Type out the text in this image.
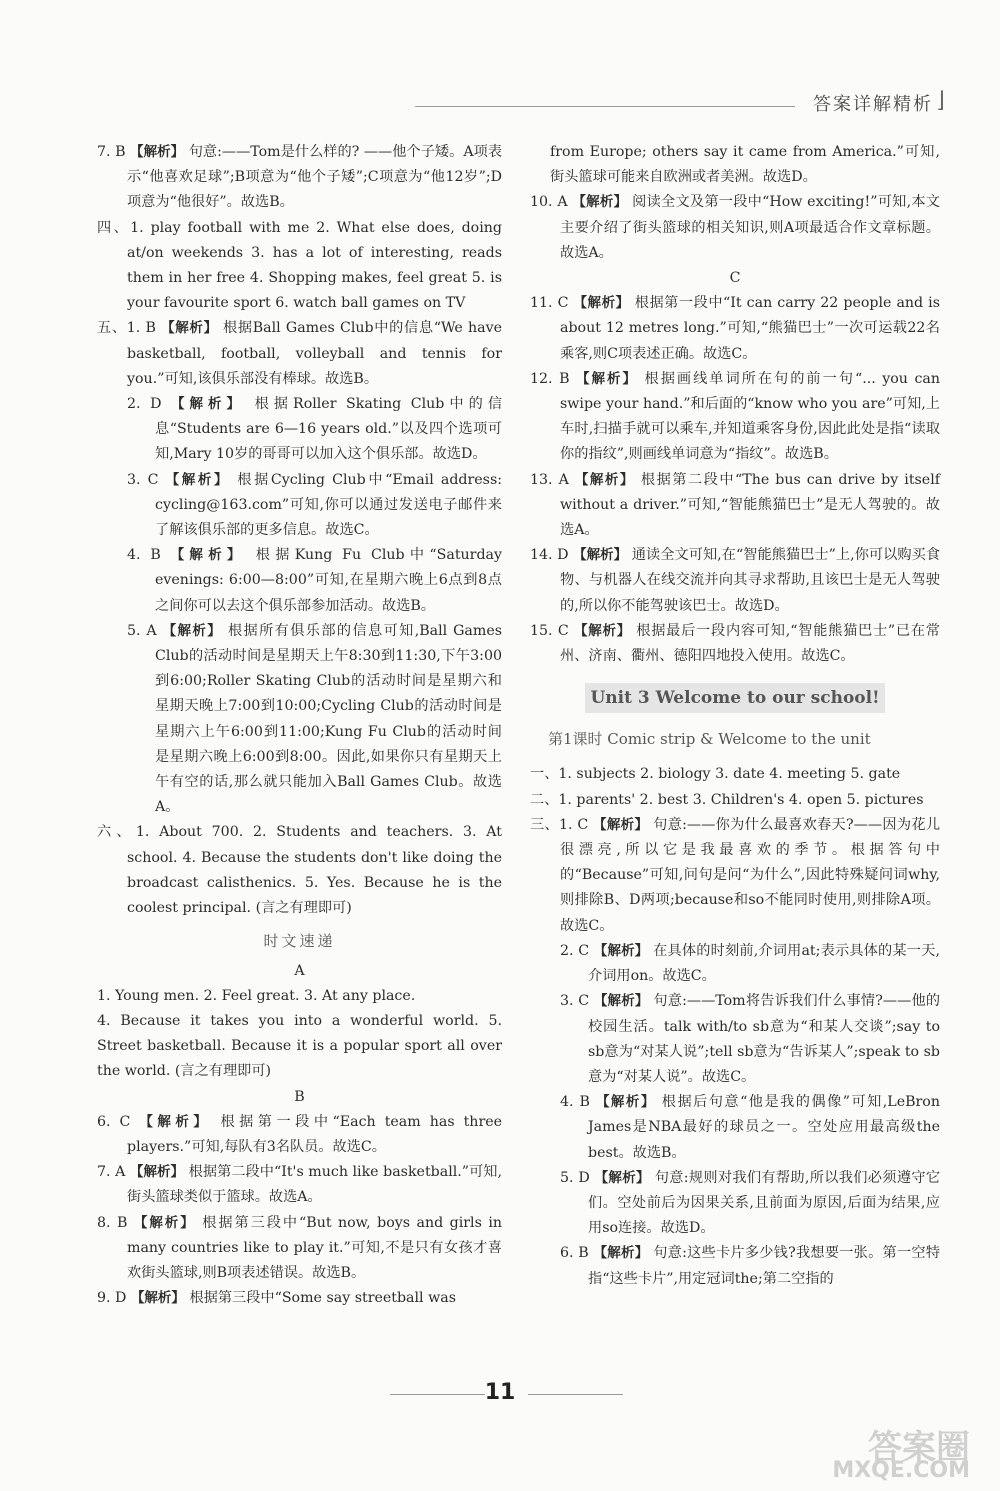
答案详解精析 ⌋

7. B 【解析】 句意:——Tom是什么样的? ——他个子矮。A项表示“他喜欢足球”;B项意为“他个子矮”;C项意为“他12岁”;D项意为“他很好”。故选B。

四、1. play football with me 2. What else does, doing at/on weekends 3. has a lot of interesting, reads them in her free 4. Shopping makes, feel great 5. is your favourite sport 6. watch ball games on TV

五、1. B 【解析】 根据Ball Games Club中的信息“We have basketball, football, volleyball and tennis for you.”可知,该俱乐部没有棒球。故选B。

2. D 【解析】 根据Roller Skating Club中的信息“Students are 6—16 years old.”以及四个选项可知,Mary 10岁的哥哥可以加入这个俱乐部。故选D。

3. C 【解析】 根据Cycling Club中“Email address: cycling@163.com”可知,你可以通过发送电子邮件来了解该俱乐部的更多信息。故选C。

4. B 【解析】 根据Kung Fu Club中“Saturday evenings: 6:00—8:00”可知,在星期六晚上6点到8点之间你可以去这个俱乐部参加活动。故选B。

5. A 【解析】 根据所有俱乐部的信息可知,Ball Games Club的活动时间是星期天上午8:30到11:30,下午3:00到6:00;Roller Skating Club的活动时间是星期六和星期天晚上7:00到10:00;Cycling Club的活动时间是星期六上午6:00到11:00;Kung Fu Club的活动时间是星期六晚上6:00到8:00。因此,如果你只有星期天上午有空的话,那么就只能加入Ball Games Club。故选A。

六、1. About 700. 2. Students and teachers. 3. At school. 4. Because the students don't like doing the broadcast calisthenics. 5. Yes. Because he is the coolest principal. (言之有理即可)

时文速递

A

1. Young men. 2. Feel great. 3. At any place.

4. Because it takes you into a wonderful world. 5. Street basketball. Because it is a popular sport all over the world. (言之有理即可)

B

6. C 【解析】 根据第一段中“Each team has three players.”可知,每队有3名队员。故选C。

7. A 【解析】 根据第二段中“It's much like basketball.”可知,街头篮球类似于篮球。故选A。

8. B 【解析】 根据第三段中“But now, boys and girls in many countries like to play it.”可知,不是只有女孩才喜欢街头篮球,则B项表述错误。故选B。

9. D 【解析】 根据第三段中“Some say streetball was

from Europe; others say it came from America.”可知,街头篮球可能来自欧洲或者美洲。故选D。

10. A 【解析】 阅读全文及第一段中“How exciting!”可知,本文主要介绍了街头篮球的相关知识,则A项最适合作文章标题。故选A。

C

11. C 【解析】 根据第一段中“It can carry 22 people and is about 12 metres long.”可知,“熊猫巴士”一次可运载22名乘客,则C项表述正确。故选C。

12. B 【解析】 根据画线单词所在句的前一句“... you can swipe your hand.”和后面的“know who you are”可知,上车时,扫描手就可以乘车,并知道乘客身份,因此此处是指“读取你的指纹”,则画线单词意为“指纹”。故选B。

13. A 【解析】 根据第二段中“The bus can drive by itself without a driver.”可知,“智能熊猫巴士”是无人驾驶的。故选A。

14. D 【解析】 通读全文可知,在“智能熊猫巴士”上,你可以购买食物、与机器人在线交流并向其寻求帮助,且该巴士是无人驾驶的,所以你不能驾驶该巴士。故选D。

15. C 【解析】 根据最后一段内容可知,“智能熊猫巴士”已在常州、济南、衢州、德阳四地投入使用。故选C。

Unit 3 Welcome to our school!
第1课时 Comic strip & Welcome to the unit

一、1. subjects 2. biology 3. date 4. meeting 5. gate

二、1. parents' 2. best 3. Children's 4. open 5. pictures

三、1. C 【解析】 句意:——你为什么最喜欢春天?——因为花儿很漂亮,所以它是我最喜欢的季节。根据答句中的“Because”可知,问句是问“为什么”,因此特殊疑问词why,则排除B、D两项;because和so不能同时使用,则排除A项。故选C。

2. C 【解析】 在具体的时刻前,介词用at;表示具体的某一天,介词用on。故选C。

3. C 【解析】 句意:——Tom将告诉我们什么事情?——他的校园生活。talk with/to sb意为“和某人交谈”;say to sb意为“对某人说”;tell sb意为“告诉某人”;speak to sb意为“对某人说”。故选C。

4. B 【解析】 根据后句意“他是我的偶像”可知,LeBron James是NBA最好的球员之一。空处应用最高级the best。故选B。

5. D 【解析】 句意:规则对我们有帮助,所以我们必须遵守它们。空处前后为因果关系,且前面为原因,后面为结果,应用so连接。故选D。

6. B 【解析】 句意:这些卡片多少钱?我想要一张。第一空特指“这些卡片”,用定冠词the;第二空指的

11
答案圈
MXQE.COM
